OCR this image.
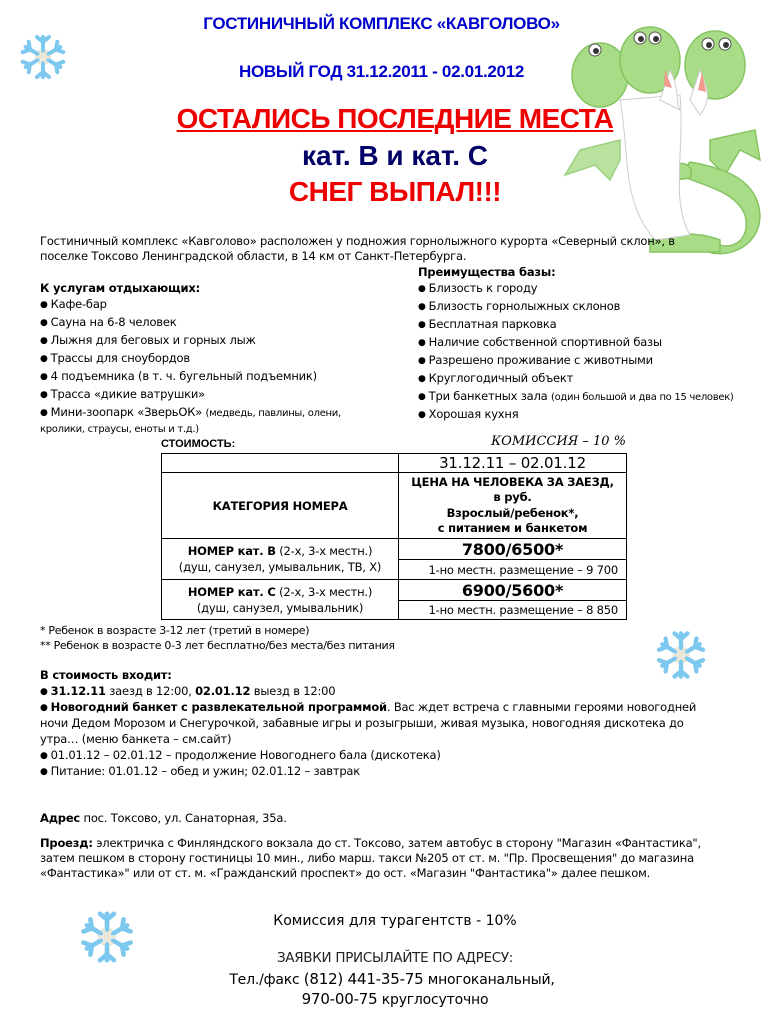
ГОСТИНИЧНЫЙ КОМПЛЕКС «КАВГОЛОВО»
НОВЫЙ ГОД 31.12.2011 - 02.01.2012
ОСТАЛИСЬ ПОСЛЕДНИЕ МЕСТА
кат. В и кат. С
СНЕГ ВЫПАЛ!!!
Гостиничный комплекс «Кавголово» расположен у подножия горнолыжного курорта «Северный склон», в
поселке Токсово Ленинградской области, в 14 км от Санкт-Петербурга.
К услугам отдыхающих:
● Кафе-бар
● Сауна на 6-8 человек
● Лыжня для беговых и горных лыж
● Трассы для сноубордов
● 4 подъемника (в т. ч. бугельный подъемник)
● Трасса «дикие ватрушки»
● Мини-зоопарк «ЗверьОК» (медведь, павлины, олени,
кролики, страусы, еноты и т.д.)
Преимущества базы:
● Близость к городу
● Близость горнолыжных склонов
● Бесплатная парковка
● Наличие собственной спортивной базы
● Разрешено проживание с животными
● Круглогодичный объект
● Три банкетных зала (один большой и два по 15 человек)
● Хорошая кухня
СТОИМОСТЬ:	КОМИССИЯ – 10 %
	31.12.11 – 02.01.12
КАТЕГОРИЯ НОМЕРА	ЦЕНА НА ЧЕЛОВЕКА ЗА ЗАЕЗД,
в руб.
Взрослый/ребенок*,
с питанием и банкетом

НОМЕР кат. В (2-х, 3-х местн.)
(душ, санузел, умывальник, ТВ, Х)	7800/6500*
	1-но местн. размещение – 9 700

НОМЕР кат. С (2-х, 3-х местн.)
(душ, санузел, умывальник)	6900/5600*
	1-но местн. размещение – 8 850
* Ребенок в возрасте 3-12 лет (третий в номере)
** Ребенок в возрасте 0-3 лет бесплатно/без места/без питания
В стоимость входит:
● 31.12.11 заезд в 12:00, 02.01.12 выезд в 12:00
● Новогодний банкет с развлекательной программой. Вас ждет встреча с главными героями новогодней
ночи Дедом Морозом и Снегурочкой, забавные игры и розыгрыши, живая музыка, новогодняя дискотека до
утра… (меню банкета – см.сайт)
● 01.01.12 – 02.01.12 – продолжение Новогоднего бала (дискотека)
● Питание: 01.01.12 – обед и ужин; 02.01.12 – завтрак
Адрес пос. Токсово, ул. Санаторная, 35а.
Проезд: электричка с Финляндского вокзала до ст. Токсово, затем автобус в сторону "Магазин «Фантастика",
затем пешком в сторону гостиницы 10 мин., либо марш. такси №205 от ст. м. "Пр. Просвещения" до магазина
«Фантастика»" или от ст. м. «Гражданский проспект» до ост. «Магазин "Фантастика"» далее пешком.
Комиссия для турагентств - 10%
ЗАЯВКИ ПРИСЫЛАЙТЕ ПО АДРЕСУ:
Тел./факс (812) 441-35-75 многоканальный,
970-00-75 круглосуточно
